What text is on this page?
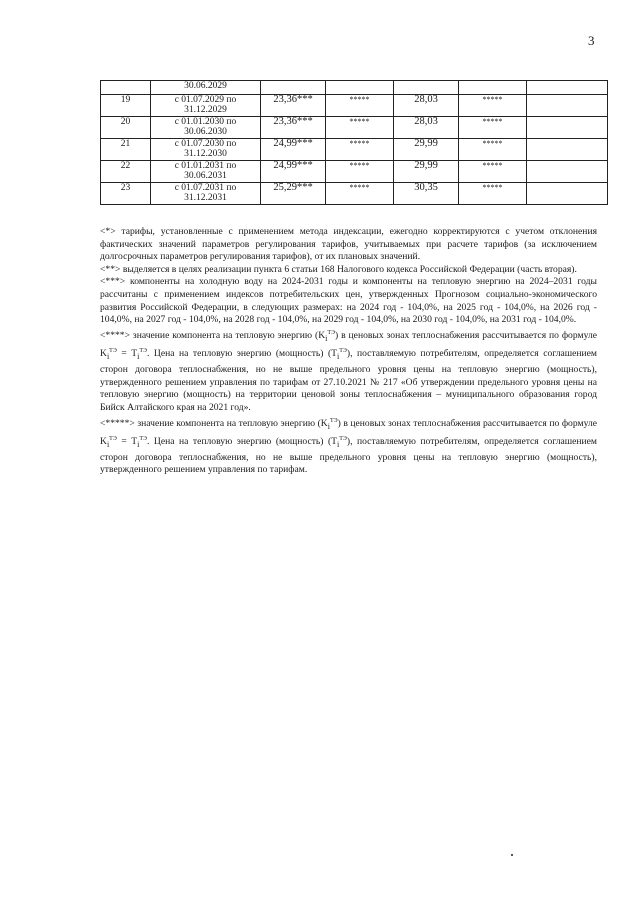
3

	30.06.2029					

19	с 01.07.2029 по
31.12.2029	23,36***	*****	28,03	*****	
20	с 01.01.2030 по
30.06.2030	23,36***	*****	28,03	*****	
21	с 01.07.2030 по
31.12.2030	24,99***	*****	29,99	*****	
22	с 01.01.2031 по
30.06.2031	24,99***	*****	29,99	*****	
23	с 01.07.2031 по
31.12.2031	25,29***	*****	30,35	*****	

<*> тарифы, установленные с применением метода индексации, ежегодно корректируются с учетом отклонения фактических значений параметров регулирования тарифов, учитываемых при расчете тарифов (за исключением долгосрочных параметров регулирования тарифов), от их плановых значений.

<**> выделяется в целях реализации пункта 6 статьи 168 Налогового кодекса Российской Федерации (часть вторая).

<***> компоненты на холодную воду на 2024-2031 годы и компоненты на тепловую энергию на 2024–2031 годы рассчитаны с применением индексов потребительских цен, утвержденных Прогнозом социально-экономического развития Российской Федерации, в следующих размерах: на 2024 год - 104,0%, на 2025 год - 104,0%, на 2026 год - 104,0%, на 2027 год - 104,0%, на 2028 год - 104,0%, на 2029 год - 104,0%, на 2030 год - 104,0%, на 2031 год - 104,0%.

<****> значение компонента на тепловую энергию $(K_i^{ТЭ})$ в ценовых зонах теплоснабжения рассчитывается по формуле $K_i^{ТЭ} = T_i^{ТЭ}$. Цена на тепловую энергию (мощность) $(T_i^{ТЭ})$, поставляемую потребителям, определяется соглашением сторон договора теплоснабжения, но не выше предельного уровня цены на тепловую энергию (мощность), утвержденного решением управления по тарифам от 27.10.2021 № 217 «Об утверждении предельного уровня цены на тепловую энергию (мощность) на территории ценовой зоны теплоснабжения – муниципального образования город Бийск Алтайского края на 2021 год».

<*****> значение компонента на тепловую энергию $(K_i^{ТЭ})$ в ценовых зонах теплоснабжения рассчитывается по формуле $K_i^{ТЭ} = T_i^{ТЭ}$. Цена на тепловую энергию (мощность) $(T_i^{ТЭ})$, поставляемую потребителям, определяется соглашением сторон договора теплоснабжения, но не выше предельного уровня цены на тепловую энергию (мощность), утвержденного решением управления по тарифам.
